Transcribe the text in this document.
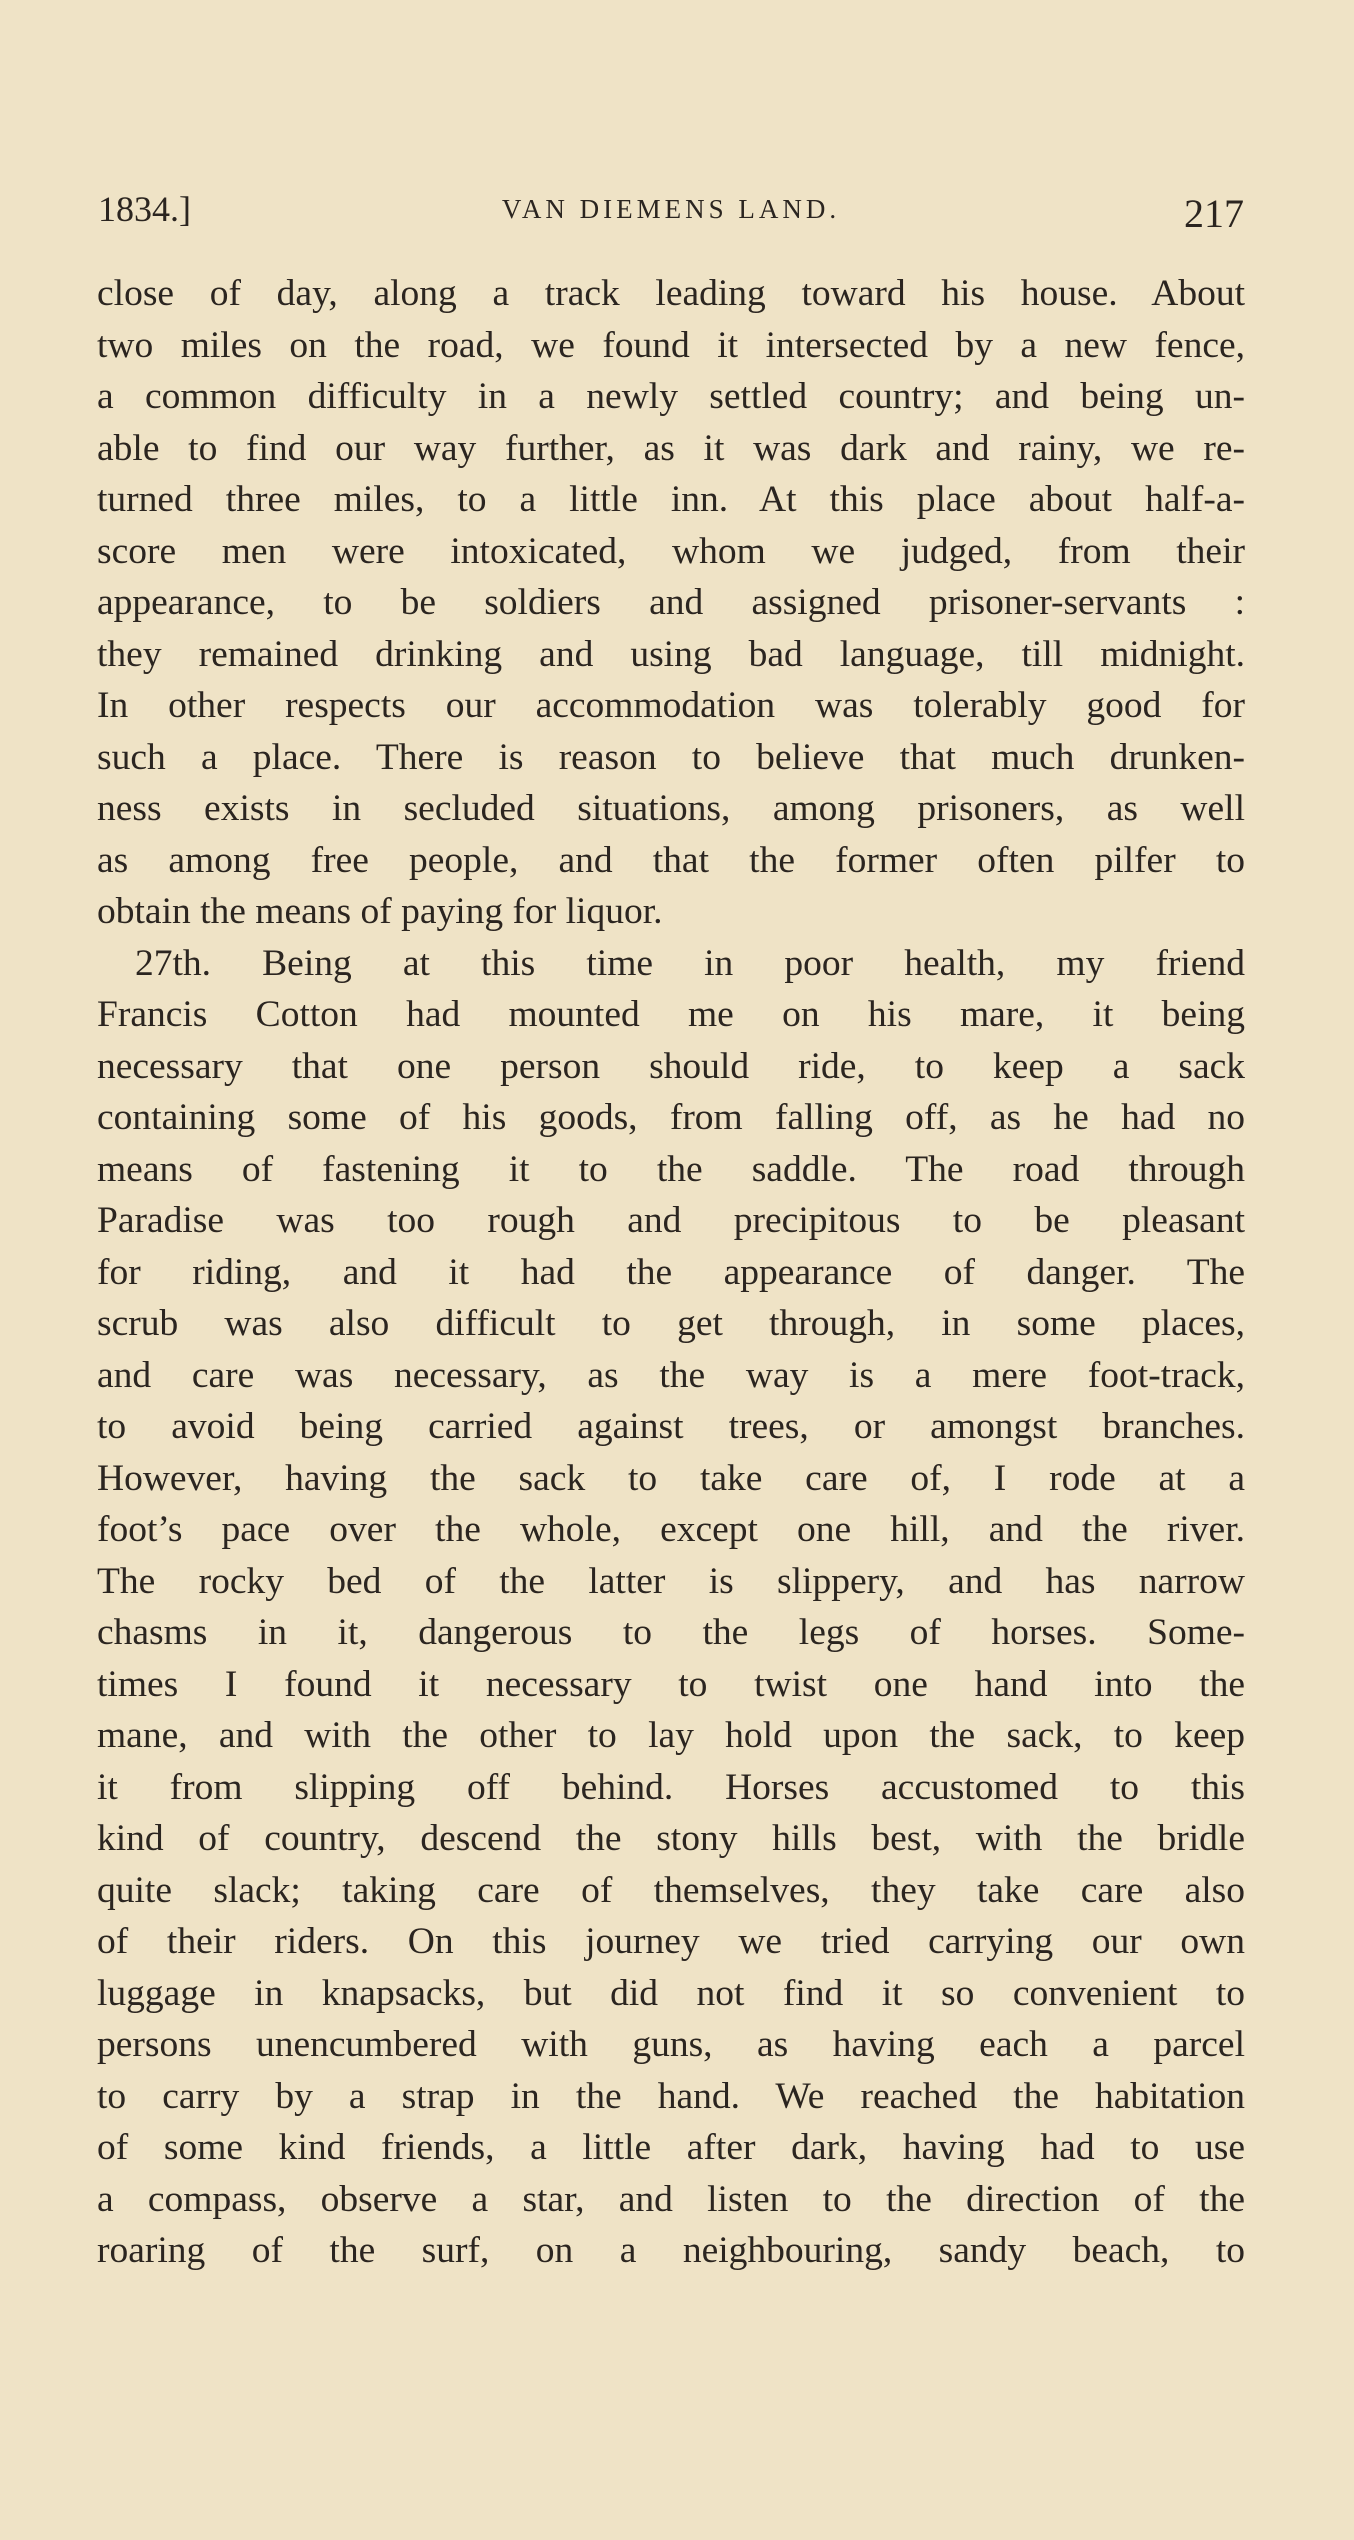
1834.]	VAN DIEMENS LAND.	217
close of day, along a track leading toward his house. About
two miles on the road, we found it intersected by a new fence,
a common difficulty in a newly settled country; and being un-
able to find our way further, as it was dark and rainy, we re-
turned three miles, to a little inn. At this place about half-a-
score men were intoxicated, whom we judged, from their
appearance, to be soldiers and assigned prisoner-servants :
they remained drinking and using bad language, till midnight.
In other respects our accommodation was tolerably good for
such a place. There is reason to believe that much drunken-
ness exists in secluded situations, among prisoners, as well
as among free people, and that the former often pilfer to
obtain the means of paying for liquor.
27th. Being at this time in poor health, my friend
Francis Cotton had mounted me on his mare, it being
necessary that one person should ride, to keep a sack
containing some of his goods, from falling off, as he had no
means of fastening it to the saddle. The road through
Paradise was too rough and precipitous to be pleasant
for riding, and it had the appearance of danger. The
scrub was also difficult to get through, in some places,
and care was necessary, as the way is a mere foot-track,
to avoid being carried against trees, or amongst branches.
However, having the sack to take care of, I rode at a
foot’s pace over the whole, except one hill, and the river.
The rocky bed of the latter is slippery, and has narrow
chasms in it, dangerous to the legs of horses. Some-
times I found it necessary to twist one hand into the
mane, and with the other to lay hold upon the sack, to keep
it from slipping off behind. Horses accustomed to this
kind of country, descend the stony hills best, with the bridle
quite slack; taking care of themselves, they take care also
of their riders. On this journey we tried carrying our own
luggage in knapsacks, but did not find it so convenient to
persons unencumbered with guns, as having each a parcel
to carry by a strap in the hand. We reached the habitation
of some kind friends, a little after dark, having had to use
a compass, observe a star, and listen to the direction of the
roaring of the surf, on a neighbouring, sandy beach, to
